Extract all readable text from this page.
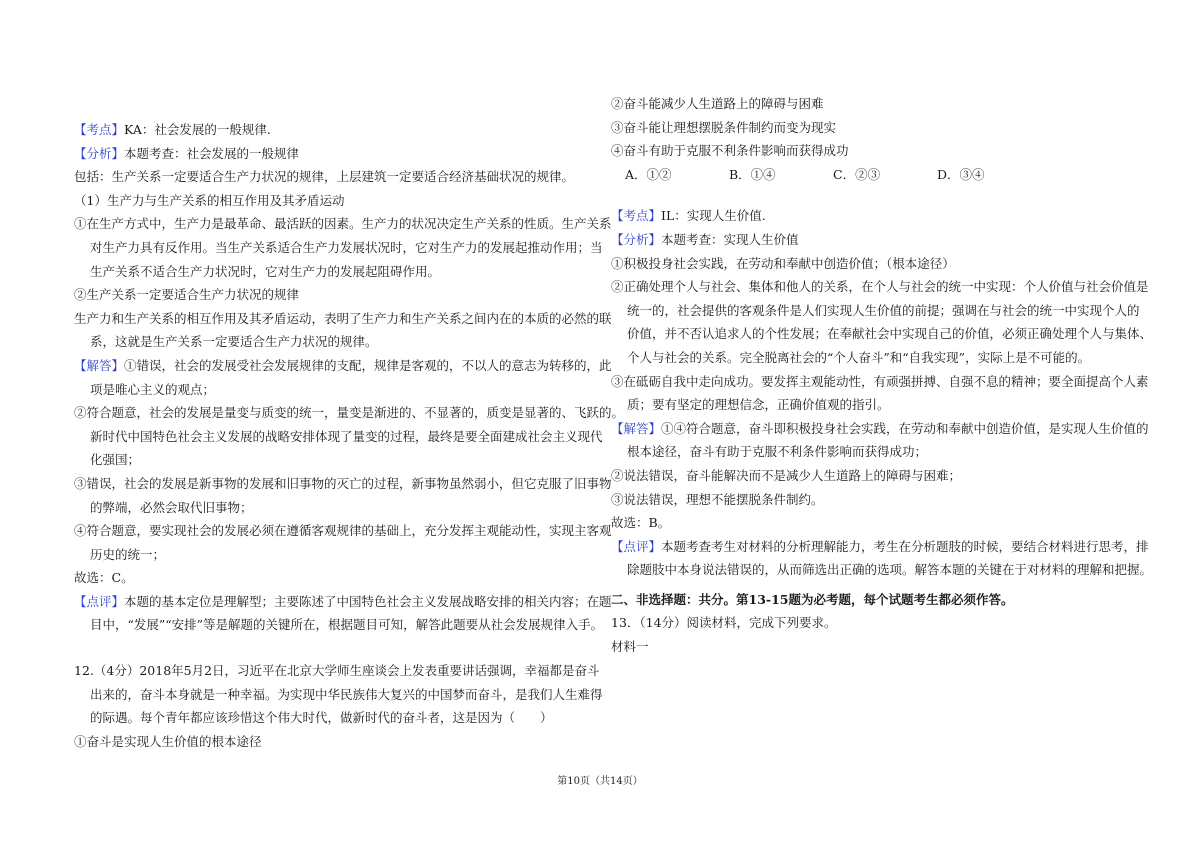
【考点】KA：社会发展的一般规律.
【分析】本题考查：社会发展的一般规律
包括：生产关系一定要适合生产力状况的规律，上层建筑一定要适合经济基础状况的规律。
（1）生产力与生产关系的相互作用及其矛盾运动
①在生产方式中，生产力是最革命、最活跃的因素。生产力的状况决定生产关系的性质。生产关系
对生产力具有反作用。当生产关系适合生产力发展状况时，它对生产力的发展起推动作用；当
生产关系不适合生产力状况时，它对生产力的发展起阻碍作用。
②生产关系一定要适合生产力状况的规律
生产力和生产关系的相互作用及其矛盾运动，表明了生产力和生产关系之间内在的本质的必然的联
系，这就是生产关系一定要适合生产力状况的规律。
【解答】①错误，社会的发展受社会发展规律的支配，规律是客观的，不以人的意志为转移的，此
项是唯心主义的观点；
②符合题意，社会的发展是量变与质变的统一，量变是渐进的、不显著的，质变是显著的、飞跃的。
新时代中国特色社会主义发展的战略安排体现了量变的过程，最终是要全面建成社会主义现代
化强国；
③错误，社会的发展是新事物的发展和旧事物的灭亡的过程，新事物虽然弱小，但它克服了旧事物
的弊端，必然会取代旧事物；
④符合题意，要实现社会的发展必须在遵循客观规律的基础上，充分发挥主观能动性，实现主客观
历史的统一；
故选：C。
【点评】本题的基本定位是理解型；主要陈述了中国特色社会主义发展战略安排的相关内容；在题
目中，“发展”“安排”等是解题的关键所在，根据题目可知，解答此题要从社会发展规律入手。
12.（4分）2018年5月2日，习近平在北京大学师生座谈会上发表重要讲话强调，幸福都是奋斗
出来的，奋斗本身就是一种幸福。为实现中华民族伟大复兴的中国梦而奋斗，是我们人生难得
的际遇。每个青年都应该珍惜这个伟大时代，做新时代的奋斗者，这是因为（　　）
①奋斗是实现人生价值的根本途径
②奋斗能减少人生道路上的障碍与困难
③奋斗能让理想摆脱条件制约而变为现实
④奋斗有助于克服不利条件影响而获得成功
A．①②	B．①④	C．②③	D．③④
【考点】IL：实现人生价值.
【分析】本题考查：实现人生价值
①积极投身社会实践，在劳动和奉献中创造价值；（根本途径）
②正确处理个人与社会、集体和他人的关系，在个人与社会的统一中实现：个人价值与社会价值是
统一的，社会提供的客观条件是人们实现人生价值的前提；强调在与社会的统一中实现个人的
价值，并不否认追求人的个性发展；在奉献社会中实现自己的价值，必须正确处理个人与集体、
个人与社会的关系。完全脱离社会的“个人奋斗”和“自我实现”，实际上是不可能的。
③在砥砺自我中走向成功。要发挥主观能动性，有顽强拼搏、自强不息的精神；要全面提高个人素
质；要有坚定的理想信念，正确价值观的指引。
【解答】①④符合题意，奋斗即积极投身社会实践，在劳动和奉献中创造价值，是实现人生价值的
根本途径，奋斗有助于克服不利条件影响而获得成功；
②说法错误，奋斗能解决而不是减少人生道路上的障碍与困难；
③说法错误，理想不能摆脱条件制约。
故选：B。
【点评】本题考查考生对材料的分析理解能力，考生在分析题肢的时候，要结合材料进行思考，排
除题肢中本身说法错误的，从而筛选出正确的选项。解答本题的关键在于对材料的理解和把握。
二、非选择题：共分。第13-15题为必考题，每个试题考生都必须作答。
13．（14分）阅读材料，完成下列要求。
材料一
第10页（共14页）
